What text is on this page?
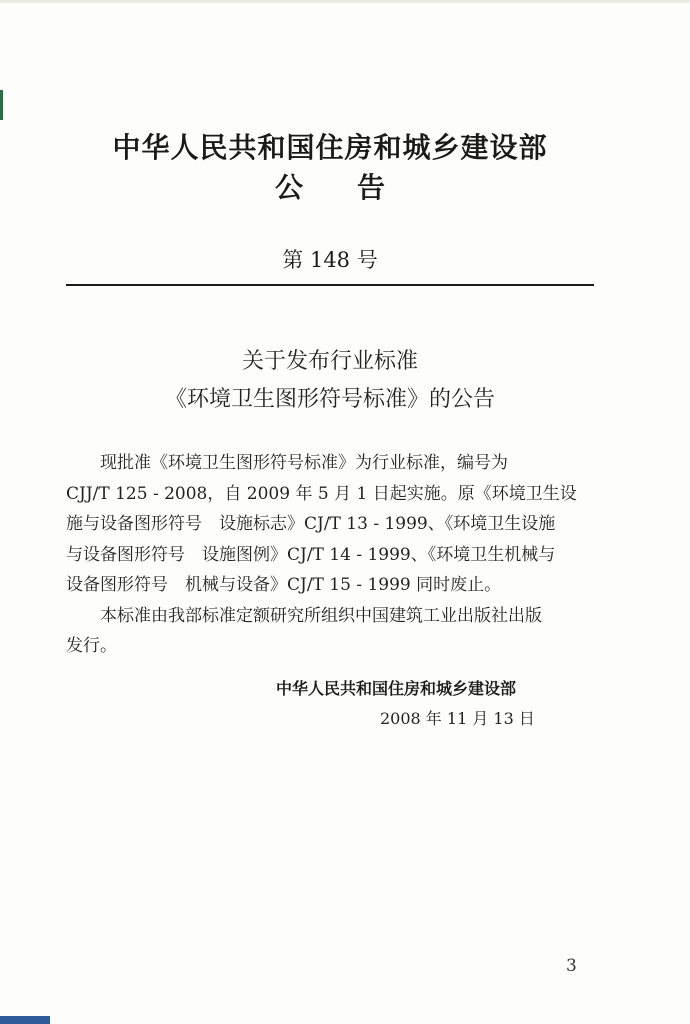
中华人民共和国住房和城乡建设部
公告
第 148 号
关于发布行业标准
《环境卫生图形符号标准》的公告

现批准《环境卫生图形符号标准》为行业标准，编号为

CJJ/T 125 - 2008，自 2009 年 5 月 1 日起实施。原《环境卫生设

施与设备图形符号　设施标志》CJ/T 13 - 1999、《环境卫生设施

与设备图形符号　设施图例》CJ/T 14 - 1999、《环境卫生机械与

设备图形符号　机械与设备》CJ/T 15 - 1999 同时废止。

本标准由我部标准定额研究所组织中国建筑工业出版社出版

发行。

中华人民共和国住房和城乡建设部
2008 年 11 月 13 日
3
